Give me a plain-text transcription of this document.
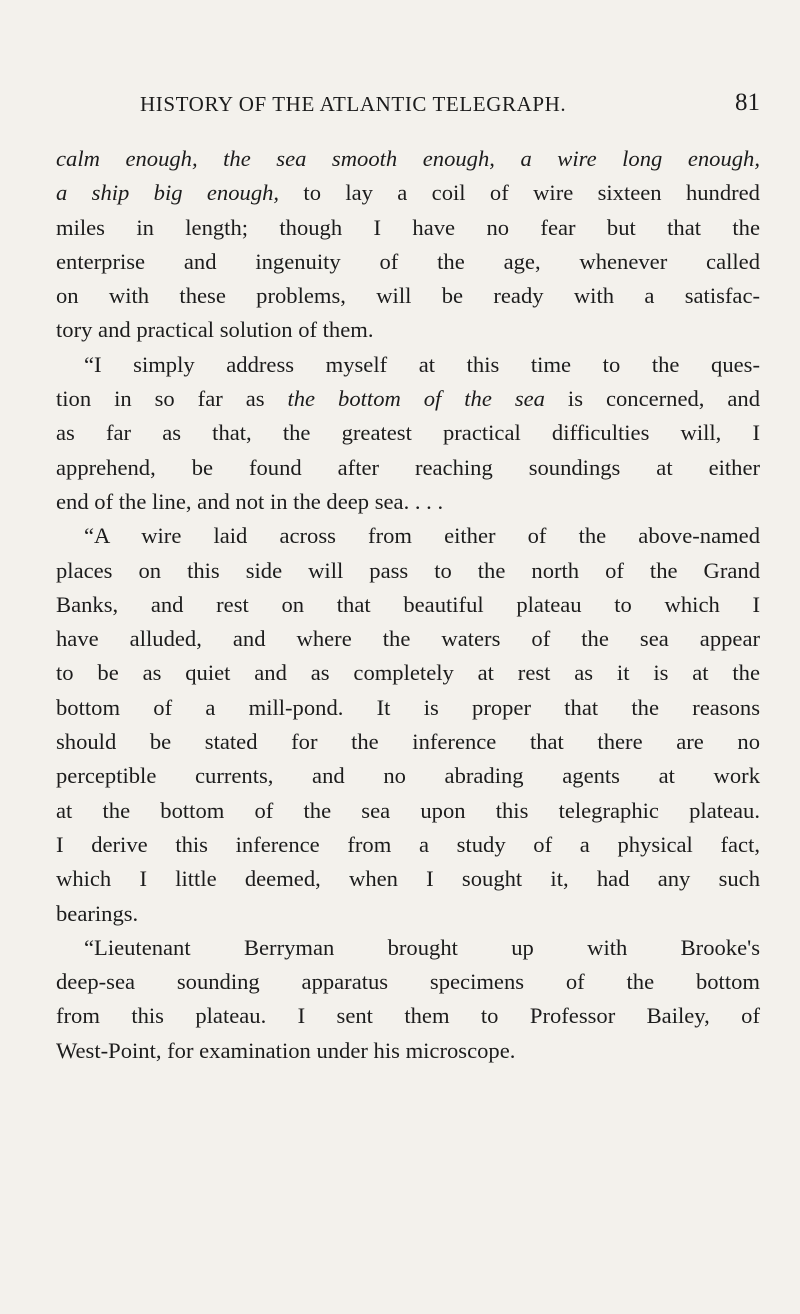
HISTORY OF THE ATLANTIC TELEGRAPH.	81
calm enough, the sea smooth enough, a wire long enough,
a ship big enough, to lay a coil of wire sixteen hundred
miles in length; though I have no fear but that the
enterprise and ingenuity of the age, whenever called
on with these problems, will be ready with a satisfac-
tory and practical solution of them.
“I simply address myself at this time to the ques-
tion in so far as the bottom of the sea is concerned, and
as far as that, the greatest practical difficulties will, I
apprehend, be found after reaching soundings at either
end of the line, and not in the deep sea. . . .
“A wire laid across from either of the above-named
places on this side will pass to the north of the Grand
Banks, and rest on that beautiful plateau to which I
have alluded, and where the waters of the sea appear
to be as quiet and as completely at rest as it is at the
bottom of a mill-pond. It is proper that the reasons
should be stated for the inference that there are no
perceptible currents, and no abrading agents at work
at the bottom of the sea upon this telegraphic plateau.
I derive this inference from a study of a physical fact,
which I little deemed, when I sought it, had any such
bearings.
“Lieutenant Berryman brought up with Brooke's
deep-sea sounding apparatus specimens of the bottom
from this plateau. I sent them to Professor Bailey, of
West-Point, for examination under his microscope.
